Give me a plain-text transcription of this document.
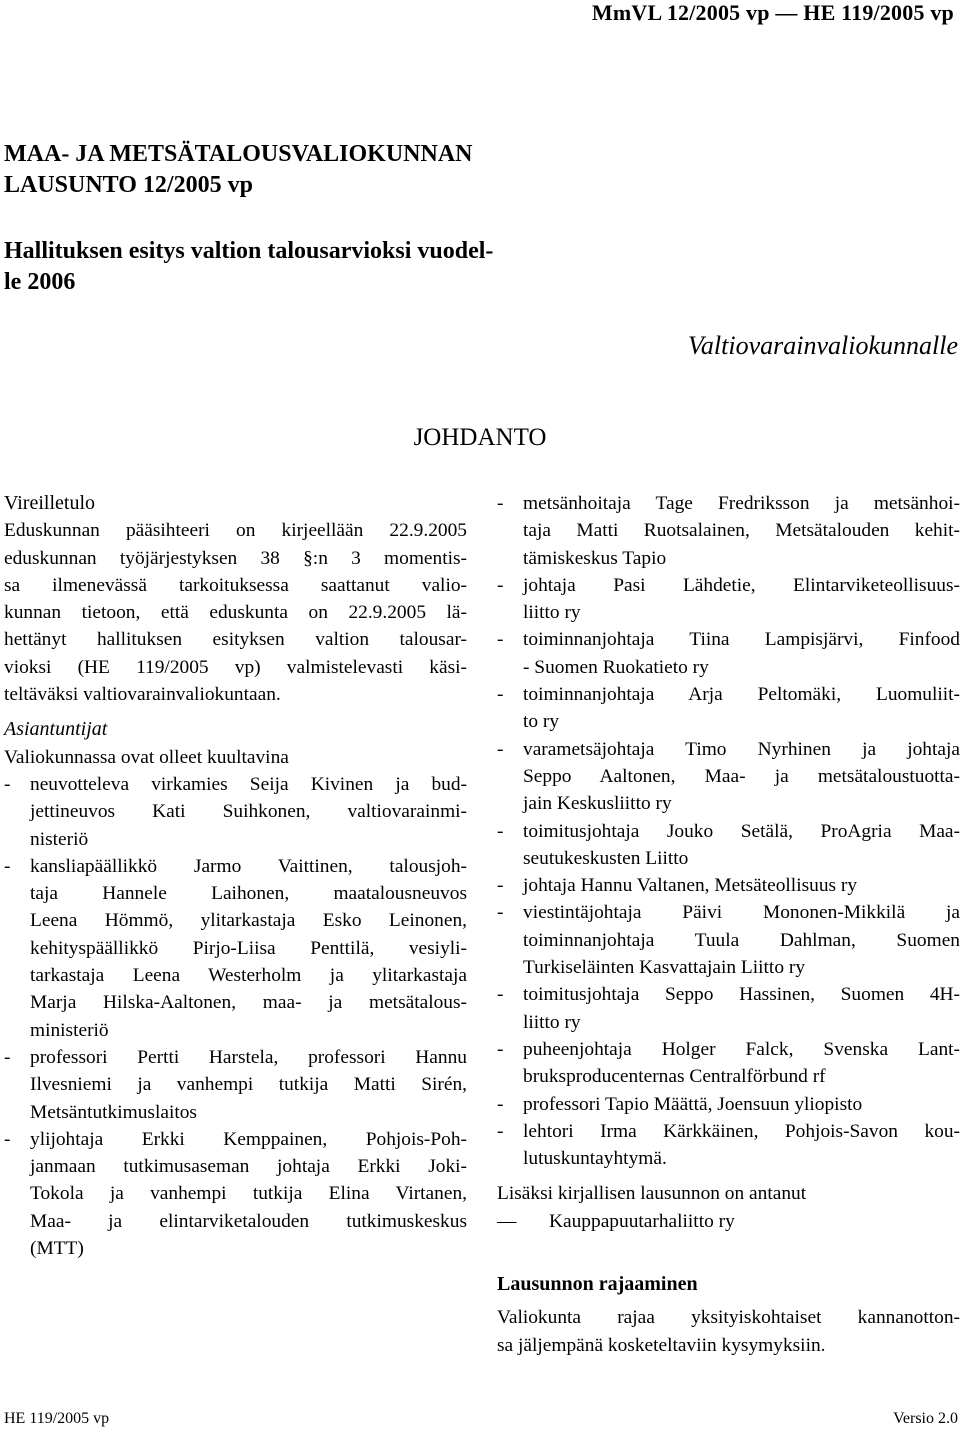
MmVL 12/2005 vp — HE 119/2005 vp
MAA- JA METSÄTALOUSVALIOKUNNAN
LAUSUNTO 12/2005 vp
Hallituksen esitys valtion talousarvioksi vuodel-
le 2006
Valtiovarainvaliokunnalle
JOHDANTO
Vireilletulo
Eduskunnan pääsihteeri on kirjeellään 22.9.2005
eduskunnan työjärjestyksen 38 §:n 3 momentis-
sa ilmenevässä tarkoituksessa saattanut valio-
kunnan tietoon, että eduskunta on 22.9.2005 lä-
hettänyt hallituksen esityksen valtion talousar-
vioksi (HE 119/2005 vp) valmistelevasti käsi-
teltäväksi valtiovarainvaliokuntaan.
Asiantuntijat
Valiokunnassa ovat olleet kuultavina
- neuvotteleva virkamies Seija Kivinen ja bud-
jettineuvos Kati Suihkonen, valtiovarainmi-
nisteriö
- kansliapäällikkö Jarmo Vaittinen, talousjoh-
taja Hannele Laihonen, maatalousneuvos
Leena Hömmö, ylitarkastaja Esko Leinonen,
kehityspäällikkö Pirjo-Liisa Penttilä, vesiyli-
tarkastaja Leena Westerholm ja ylitarkastaja
Marja Hilska-Aaltonen, maa- ja metsätalous-
ministeriö
- professori Pertti Harstela, professori Hannu
Ilvesniemi ja vanhempi tutkija Matti Sirén,
Metsäntutkimuslaitos
- ylijohtaja Erkki Kemppainen, Pohjois-Poh-
janmaan tutkimusaseman johtaja Erkki Joki-
Tokola ja vanhempi tutkija Elina Virtanen,
Maa- ja elintarviketalouden tutkimuskeskus
(MTT)
- metsänhoitaja Tage Fredriksson ja metsänhoi-
taja Matti Ruotsalainen, Metsätalouden kehit-
tämiskeskus Tapio
- johtaja Pasi Lähdetie, Elintarviketeollisuus-
liitto ry
- toiminnanjohtaja Tiina Lampisjärvi, Finfood
- Suomen Ruokatieto ry
- toiminnanjohtaja Arja Peltomäki, Luomuliit-
to ry
- varametsäjohtaja Timo Nyrhinen ja johtaja
Seppo Aaltonen, Maa- ja metsätaloustuotta-
jain Keskusliitto ry
- toimitusjohtaja Jouko Setälä, ProAgria Maa-
seutukeskusten Liitto
- johtaja Hannu Valtanen, Metsäteollisuus ry
- viestintäjohtaja Päivi Mononen-Mikkilä ja
toiminnanjohtaja Tuula Dahlman, Suomen
Turkiseläinten Kasvattajain Liitto ry
- toimitusjohtaja Seppo Hassinen, Suomen 4H-
liitto ry
- puheenjohtaja Holger Falck, Svenska Lant-
bruksproducenternas Centralförbund rf
- professori Tapio Määttä, Joensuun yliopisto
- lehtori Irma Kärkkäinen, Pohjois-Savon kou-
lutuskuntayhtymä.
Lisäksi kirjallisen lausunnon on antanut
—	Kauppapuutarhaliitto ry
Lausunnon rajaaminen
Valiokunta rajaa yksityiskohtaiset kannanotton-
sa jäljempänä kosketeltaviin kysymyksiin.
HE 119/2005 vp	Versio 2.0
